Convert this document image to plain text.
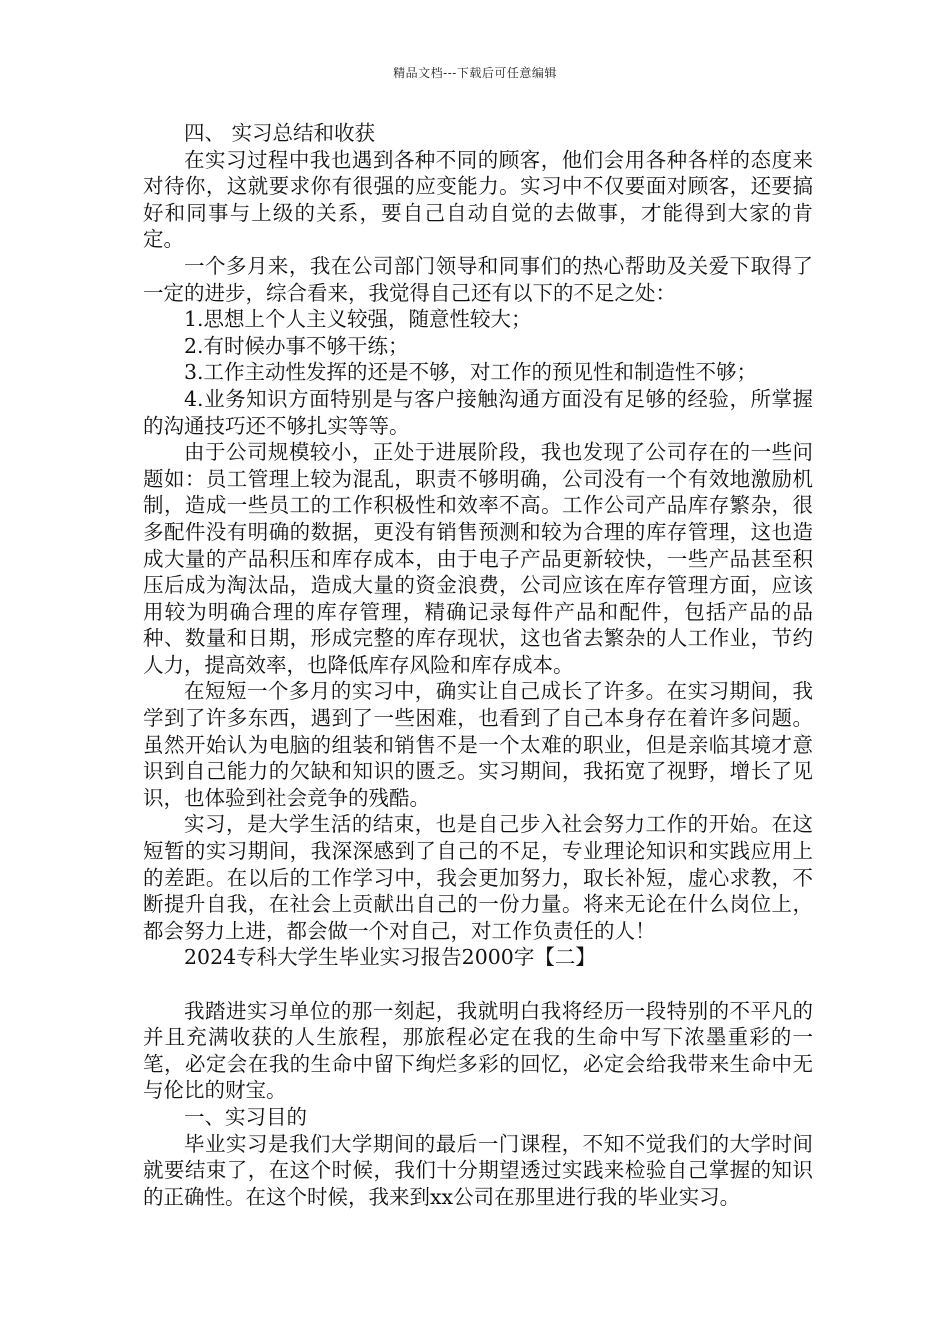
精品文档---下载后可任意编辑

四、 实习总结和收获

在实习过程中我也遇到各种不同的顾客，他们会用各种各样的态度来对待你，这就要求你有很强的应变能力。实习中不仅要面对顾客，还要搞好和同事与上级的关系，要自己自动自觉的去做事，才能得到大家的肯定。

一个多月来，我在公司部门领导和同事们的热心帮助及关爱下取得了一定的进步，综合看来，我觉得自己还有以下的不足之处：

1.思想上个人主义较强，随意性较大；

2.有时候办事不够干练；

3.工作主动性发挥的还是不够，对工作的预见性和制造性不够；

4.业务知识方面特别是与客户接触沟通方面没有足够的经验，所掌握的沟通技巧还不够扎实等等。

由于公司规模较小，正处于进展阶段，我也发现了公司存在的一些问题如：员工管理上较为混乱，职责不够明确，公司没有一个有效地激励机制，造成一些员工的工作积极性和效率不高。工作公司产品库存繁杂，很多配件没有明确的数据，更没有销售预测和较为合理的库存管理，这也造成大量的产品积压和库存成本，由于电子产品更新较快，一些产品甚至积压后成为淘汰品，造成大量的资金浪费，公司应该在库存管理方面，应该用较为明确合理的库存管理，精确记录每件产品和配件，包括产品的品种、数量和日期，形成完整的库存现状，这也省去繁杂的人工作业，节约人力，提高效率，也降低库存风险和库存成本。

在短短一个多月的实习中，确实让自己成长了许多。在实习期间，我学到了许多东西，遇到了一些困难，也看到了自己本身存在着许多问题。虽然开始认为电脑的组装和销售不是一个太难的职业，但是亲临其境才意识到自己能力的欠缺和知识的匮乏。实习期间，我拓宽了视野，增长了见识，也体验到社会竞争的残酷。

实习，是大学生活的结束，也是自己步入社会努力工作的开始。在这短暂的实习期间，我深深感到了自己的不足，专业理论知识和实践应用上的差距。在以后的工作学习中，我会更加努力，取长补短，虚心求教，不断提升自我，在社会上贡献出自己的一份力量。将来无论在什么岗位上，都会努力上进，都会做一个对自己，对工作负责任的人！

2024专科大学生毕业实习报告2000字【二】

我踏进实习单位的那一刻起，我就明白我将经历一段特别的不平凡的并且充满收获的人生旅程，那旅程必定在我的生命中写下浓墨重彩的一笔，必定会在我的生命中留下绚烂多彩的回忆，必定会给我带来生命中无与伦比的财宝。

一、实习目的

毕业实习是我们大学期间的最后一门课程，不知不觉我们的大学时间就要结束了，在这个时候，我们十分期望透过实践来检验自己掌握的知识的正确性。在这个时候，我来到xx公司在那里进行我的毕业实习。
